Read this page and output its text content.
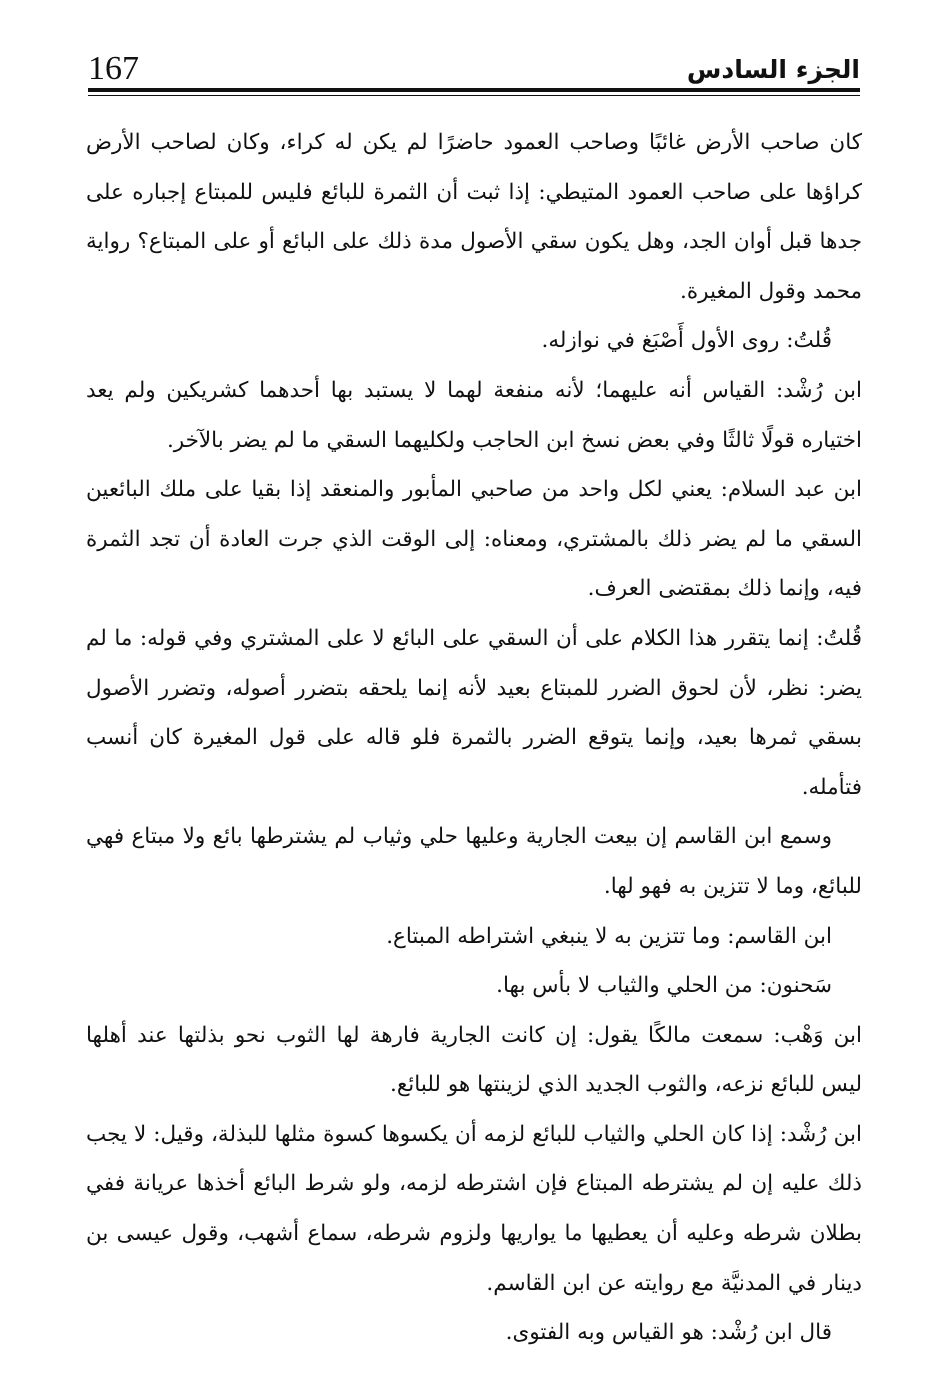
167	الجزء السادس

كان صاحب الأرض غائبًا وصاحب العمود حاضرًا لم يكن له كراء، وكان لصاحب الأرض كراؤها على صاحب العمود المتيطي: إذا ثبت أن الثمرة للبائع فليس للمبتاع إجباره على جدها قبل أوان الجد، وهل يكون سقي الأصول مدة ذلك على البائع أو على المبتاع؟ رواية محمد وقول المغيرة.

قُلتُ: روى الأول أَصْبَغ في نوازله.

ابن رُشْد: القياس أنه عليهما؛ لأنه منفعة لهما لا يستبد بها أحدهما كشريكين ولم يعد اختياره قولًا ثالثًا وفي بعض نسخ ابن الحاجب ولكليهما السقي ما لم يضر بالآخر.

ابن عبد السلام: يعني لكل واحد من صاحبي المأبور والمنعقد إذا بقيا على ملك البائعين السقي ما لم يضر ذلك بالمشتري، ومعناه: إلى الوقت الذي جرت العادة أن تجد الثمرة فيه، وإنما ذلك بمقتضى العرف.

قُلتُ: إنما يتقرر هذا الكلام على أن السقي على البائع لا على المشتري وفي قوله: ما لم يضر: نظر، لأن لحوق الضرر للمبتاع بعيد لأنه إنما يلحقه بتضرر أصوله، وتضرر الأصول بسقي ثمرها بعيد، وإنما يتوقع الضرر بالثمرة فلو قاله على قول المغيرة كان أنسب فتأمله.

وسمع ابن القاسم إن بيعت الجارية وعليها حلي وثياب لم يشترطها بائع ولا مبتاع فهي للبائع، وما لا تتزين به فهو لها.

ابن القاسم: وما تتزين به لا ينبغي اشتراطه المبتاع.

سَحنون: من الحلي والثياب لا بأس بها.

ابن وَهْب: سمعت مالكًا يقول: إن كانت الجارية فارهة لها الثوب نحو بذلتها عند أهلها ليس للبائع نزعه، والثوب الجديد الذي لزينتها هو للبائع.

ابن رُشْد: إذا كان الحلي والثياب للبائع لزمه أن يكسوها كسوة مثلها للبذلة، وقيل: لا يجب ذلك عليه إن لم يشترطه المبتاع فإن اشترطه لزمه، ولو شرط البائع أخذها عريانة ففي بطلان شرطه وعليه أن يعطيها ما يواريها ولزوم شرطه، سماع أشهب، وقول عيسى بن دينار في المدنيَّة مع روايته عن ابن القاسم.

قال ابن رُشْد: هو القياس وبه الفتوى.
